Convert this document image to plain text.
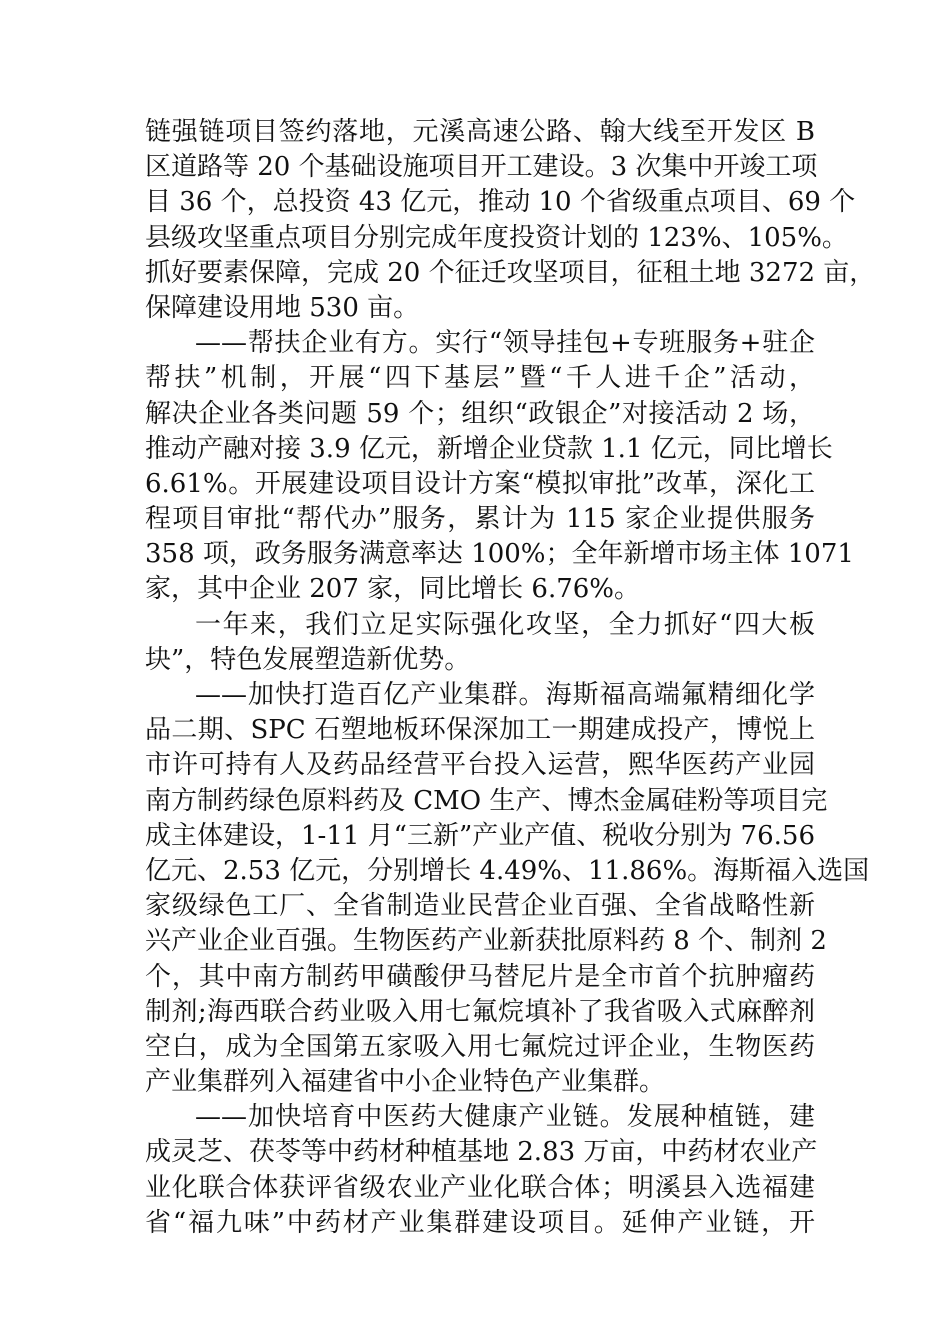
链强链项目签约落地，元溪高速公路、翰大线至开发区 B
区道路等 20 个基础设施项目开工建设。3 次集中开竣工项
目 36 个，总投资 43 亿元，推动 10 个省级重点项目、69 个
县级攻坚重点项目分别完成年度投资计划的 123%、105%。
抓好要素保障，完成 20 个征迁攻坚项目，征租土地 3272 亩，
保障建设用地 530 亩。
——帮扶企业有方。实行“领导挂包+专班服务+驻企
帮扶”机制，开展“四下基层”暨“千人进千企”活动，
解决企业各类问题 59 个；组织“政银企”对接活动 2 场，
推动产融对接 3.9 亿元，新增企业贷款 1.1 亿元，同比增长
6.61%。开展建设项目设计方案“模拟审批”改革，深化工
程项目审批“帮代办”服务，累计为 115 家企业提供服务
358 项，政务服务满意率达 100%；全年新增市场主体 1071
家，其中企业 207 家，同比增长 6.76%。
一年来，我们立足实际强化攻坚，全力抓好“四大板
块”，特色发展塑造新优势。
——加快打造百亿产业集群。海斯福高端氟精细化学
品二期、SPC 石塑地板环保深加工一期建成投产，博悦上
市许可持有人及药品经营平台投入运营，熙华医药产业园
南方制药绿色原料药及 CMO 生产、博杰金属硅粉等项目完
成主体建设，1-11 月“三新”产业产值、税收分别为 76.56
亿元、2.53 亿元，分别增长 4.49%、11.86%。海斯福入选国
家级绿色工厂、全省制造业民营企业百强、全省战略性新
兴产业企业百强。生物医药产业新获批原料药 8 个、制剂 2
个，其中南方制药甲磺酸伊马替尼片是全市首个抗肿瘤药
制剂;海西联合药业吸入用七氟烷填补了我省吸入式麻醉剂
空白，成为全国第五家吸入用七氟烷过评企业，生物医药
产业集群列入福建省中小企业特色产业集群。
——加快培育中医药大健康产业链。发展种植链，建
成灵芝、茯苓等中药材种植基地 2.83 万亩，中药材农业产
业化联合体获评省级农业产业化联合体；明溪县入选福建
省“福九味”中药材产业集群建设项目。延伸产业链，开
